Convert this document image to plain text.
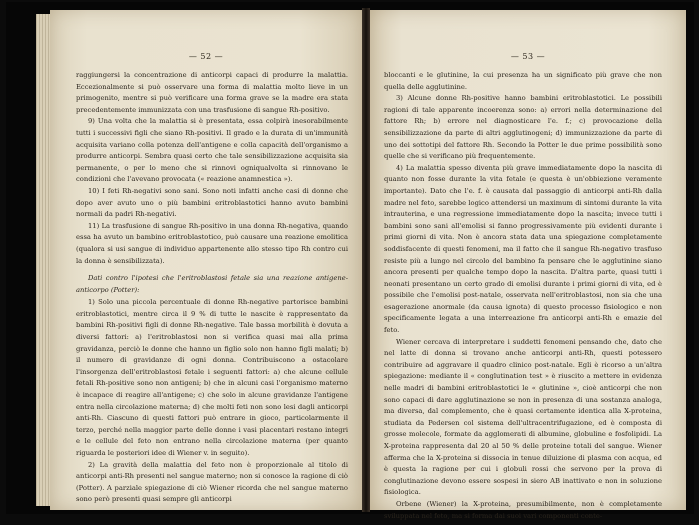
— 52 —

raggiungersi la concentrazione di anticorpi capaci di produrre la malattia. Eccezionalmente si può osservare una forma di malattia molto lieve in un primogenito, mentre si può verificare una forma grave se la madre era stata precedentemente immunizzata con una trasfusione di sangue Rh-positivo.

9) Una volta che la malattia si è presentata, essa colpirà inesorabilmente tutti i successivi figli che siano Rh-positivi. Il grado e la durata di un'immunità acquisita variano colla potenza dell'antigene e colla capacità dell'organismo a produrre anticorpi. Sembra quasi certo che tale sensibilizzazione acquisita sia permanente, o per lo meno che si rinnovi ogniqualvolta si rinnovano le condizioni che l'avevano provocata (« reazione anamnestica »).

10) I feti Rh-negativi sono sani. Sono noti infatti anche casi di donne che dopo aver avuto uno o più bambini eritroblastotici hanno avuto bambini normali da padri Rh-negativi.

11) La trasfusione di sangue Rh-positivo in una donna Rh-negativa, quando essa ha avuto un bambino eritroblastotico, può causare una reazione emolitica (qualora si usi sangue di individuo appartenente allo stesso tipo Rh contro cui la donna è sensibilizzata).

Dati contro l'ipotesi che l'eritroblastosi fetale sia una reazione antigene-anticorpo (Potter):

1) Solo una piccola percentuale di donne Rh-negative partorisce bambini eritroblastotici, mentre circa il 9 % di tutte le nascite è rappresentato da bambini Rh-positivi figli di donne Rh-negative. Tale bassa morbilità è dovuta a diversi fattori: a) l'eritroblastosi non si verifica quasi mai alla prima gravidanza, perciò le donne che hanno un figlio solo non hanno figli malati; b) il numero di gravidanze di ogni donna. Contribuiscono a ostacolare l'insorgenza dell'eritroblastosi fetale i seguenti fattori: a) che alcune cellule fetali Rh-positive sono non antigeni; b) che in alcuni casi l'organismo materno è incapace di reagire all'antigene; c) che solo in alcune gravidanze l'antigene entra nella circolazione materna; d) che molti feti non sono lesi dagli anticorpi anti-Rh. Ciascuno di questi fattori può entrare in gioco, particolarmente il terzo, perché nella maggior parte delle donne i vasi placentari restano integri e le cellule del feto non entrano nella circolazione materna (per quanto riguarda le posteriori idee di Wiener v. in seguito).

2) La gravità della malattia del feto non è proporzionale al titolo di anticorpi anti-Rh presenti nel sangue materno; non si conosce la ragione di ciò (Potter). A parziale spiegazione di ciò Wiener ricorda che nel sangue materno sono però presenti quasi sempre gli anticorpi

— 53 —

bloccanti e le glutinine, la cui presenza ha un significato più grave che non quella delle agglutinine.

3) Alcune donne Rh-positive hanno bambini eritroblastotici. Le possibili ragioni di tale apparente incoerenza sono: a) errori nella determinazione del fattore Rh; b) errore nel diagnosticare l'e. f.; c) provocazione della sensibilizzazione da parte di altri agglutinogeni; d) immunizzazione da parte di uno dei sottotipi del fattore Rh. Secondo la Potter le due prime possibilità sono quelle che si verificano più frequentemente.

4) La malattia spesso diventa più grave immediatamente dopo la nascita di quanto non fosse durante la vita fetale (e questa è un'obbiezione veramente importante). Dato che l'e. f. è causata dal passaggio di anticorpi anti-Rh dalla madre nel feto, sarebbe logico attendersi un maximum di sintomi durante la vita intrauterina, e una regressione immediatamente dopo la nascita; invece tutti i bambini sono sani all'emolisi si fanno progressivamente più evidenti durante i primi giorni di vita. Non è ancora stata data una spiegazione completamente soddisfacente di questi fenomeni, ma il fatto che il sangue Rh-negativo trasfuso resiste più a lungo nel circolo del bambino fa pensare che le agglutinine siano ancora presenti per qualche tempo dopo la nascita. D'altra parte, quasi tutti i neonati presentano un certo grado di emolisi durante i primi giorni di vita, ed è possibile che l'emolisi post-natale, osservata nell'eritroblastosi, non sia che una esagerazione anormale (da causa ignota) di questo processo fisiologico e non specificamente legata a una interreazione fra anticorpi anti-Rh e emazie del feto.

Wiener cercava di interpretare i suddetti fenomeni pensando che, dato che nel latte di donna si trovano anche anticorpi anti-Rh, questi potessero contribuire ad aggravare il quadro clinico post-natale. Egli è ricorso a un'altra spiegazione: mediante il « conglutination test » è riuscito a mettere in evidenza nelle madri di bambini eritroblastotici le « glutinine », cioè anticorpi che non sono capaci di dare agglutinazione se non in presenza di una sostanza analoga, ma diversa, dal complemento, che è quasi certamente identica alla X-proteina, studiata da Pedersen col sistema dell'ultracentrifugazione, ed è composta di grosse molecole, formate da agglomerati di albumine, globuline e fosfolipidi. La X-proteina rappresenta dal 20 al 50 % delle proteine totali del sangue. Wiener afferma che la X-proteina si dissocia in tenue diluizione di plasma con acqua, ed è questa la ragione per cui i globuli rossi che servono per la prova di conglutinazione devono essere sospesi in siero AB inattivato e non in soluzione fisiologica.

Orbene (Wiener) la X-proteina, presumibilmente, non è completamente sviluppata nel feto, ma si forma dai suoi vari componenti conte-
